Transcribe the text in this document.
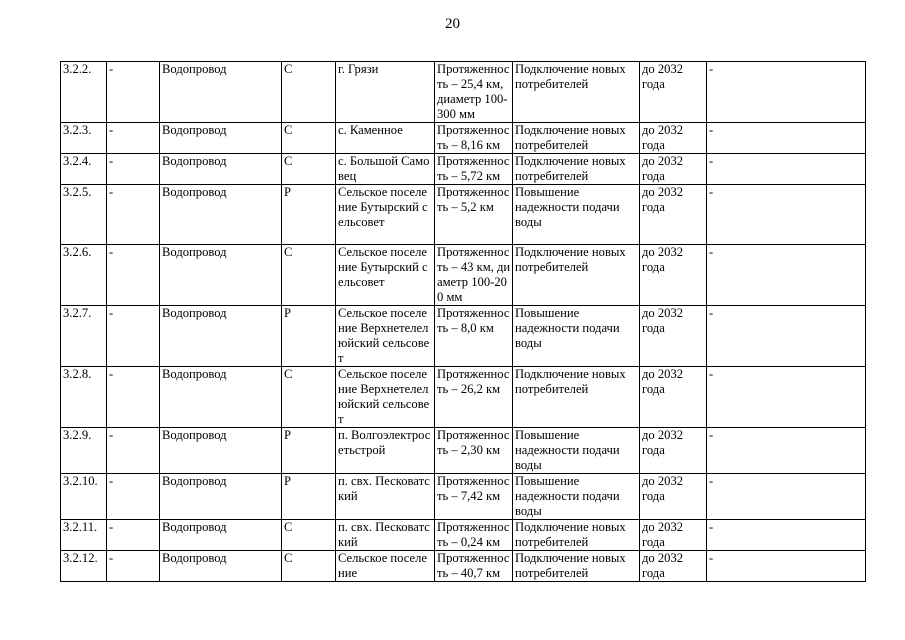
20
3.2.2.	-	Водопровод	С	г. Грязи	Протяженность – 25,4 км, диаметр 100-300 мм	Подключение новых потребителей	до 2032 года	-
3.2.3.	-	Водопровод	С	с. Каменное	Протяженность – 8,16 км	Подключение новых потребителей	до 2032 года	-
3.2.4.	-	Водопровод	С	с. Большой Самовец	Протяженность – 5,72 км	Подключение новых потребителей	до 2032 года	-
3.2.5.	-	Водопровод	Р	Сельское поселение Бутырский сельсовет	Протяженность – 5,2 км	Повышение надежности подачи воды	до 2032 года	-
3.2.6.	-	Водопровод	С	Сельское поселение Бутырский сельсовет	Протяженность – 43 км, диаметр 100-200 мм	Подключение новых потребителей	до 2032 года	-
3.2.7.	-	Водопровод	Р	Сельское поселение Верхнетелелюйский сельсовет	Протяженность – 8,0 км	Повышение надежности подачи воды	до 2032 года	-
3.2.8.	-	Водопровод	С	Сельское поселение Верхнетелелюйский сельсовет	Протяженность – 26,2 км	Подключение новых потребителей	до 2032 года	-
3.2.9.	-	Водопровод	Р	п. Волгоэлектросетьстрой	Протяженность – 2,30 км	Повышение надежности подачи воды	до 2032 года	-
3.2.10.	-	Водопровод	Р	п. свх. Песковатский	Протяженность – 7,42 км	Повышение надежности подачи воды	до 2032 года	-
3.2.11.	-	Водопровод	С	п. свх. Песковатский	Протяженность – 0,24 км	Подключение новых потребителей	до 2032 года	-
3.2.12.	-	Водопровод	С	Сельское поселение	Протяженность – 40,7 км	Подключение новых потребителей	до 2032 года	-
